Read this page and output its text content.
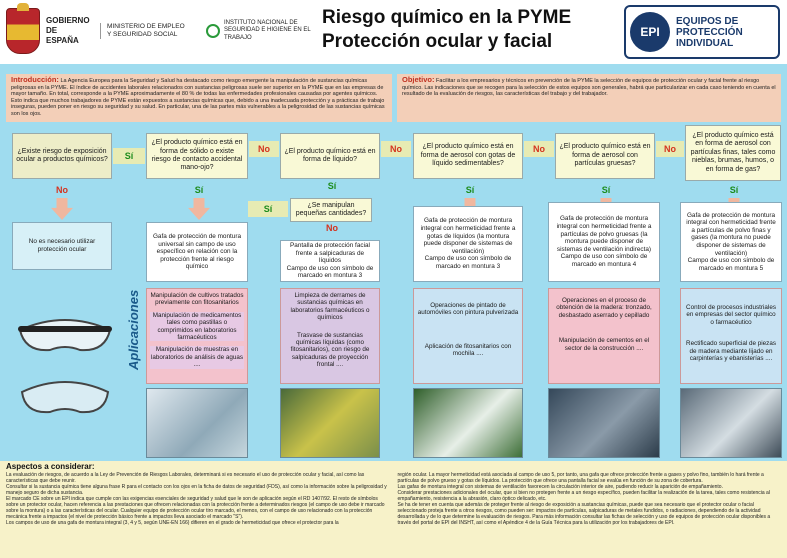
GOBIERNO DE ESPAÑA
MINISTERIO DE EMPLEO Y SEGURIDAD SOCIAL
INSTITUTO NACIONAL DE SEGURIDAD E HIGIENE EN EL TRABAJO
Riesgo químico en la PYME
Protección ocular y facial	EPI
EQUIPOS DE
PROTECCIÓN
INDIVIDUAL
Introducción: La Agencia Europea para la Seguridad y Salud ha destacado como riesgo emergente la manipulación de sustancias químicas peligrosas en la PYME. El índice de accidentes laborales relacionados con sustancias peligrosas suele ser superior en la PYME que en las empresas de mayor tamaño. En total, corresponde a la PYME aproximadamente el 80 % de todas las enfermedades profesionales causadas por agentes químicos. Esto indica que muchos trabajadores de PYME están expuestos a sustancias químicas que, debido a una inadecuada protección y a prácticas de trabajo inseguras, pueden poner en riesgo su seguridad y su salud. En particular, una de las partes más vulnerables a la peligrosidad de las sustancias químicas son los ojos.
Objetivo: Facilitar a los empresarios y técnicos en prevención de la PYME la selección de equipos de protección ocular y facial frente al riesgo químico. Las indicaciones que se recogen para la selección de estos equipos son generales, habrá que particularizar en cada caso teniendo en cuenta el resultado de la evaluación de riesgos, las características del trabajo y del trabajador.
¿Existe riesgo de exposición ocular a productos químicos?	Sí
¿El producto químico está en forma de sólido o existe riesgo de contacto accidental mano-ojo?
No	¿El producto químico está en forma de líquido?
No	¿El producto químico está en forma de aerosol con gotas de líquido sedimentables?
No	¿El producto químico está en forma de aerosol con partículas gruesas?
No
¿El producto químico está en forma de aerosol con partículas finas, tales como nieblas, brumas, humos, o en forma de gas?
No	Sí	Sí
¿Se manipulan pequeñas cantidades?
Sí
No
Sí	Sí	Sí
No es necesario utilizar protección ocular
Gafa de protección de montura universal sin campo de uso específico en relación con la protección frente al riesgo químico
Pantalla de protección facial frente a salpicaduras de líquidos
Campo de uso con símbolo de marcado en montura 3
Gafa de protección de montura integral con hermeticidad frente a gotas de líquidos (la montura puede disponer de sistemas de ventilación)
Campo de uso con símbolo de marcado en montura 3
Gafa de protección de montura integral con hermeticidad frente a partículas de polvo gruesas (la montura puede disponer de sistemas de ventilación indirecta)
Campo de uso con símbolo de marcado en montura 4
Gafa de protección de montura integral con hermeticidad frente a partículas de polvo finas y gases (la montura no puede disponer de sistemas de ventilación)
Campo de uso con símbolo de marcado en montura 5
Aplicaciones Manipulación de cultivos tratados previamente con fitosanitarios
Manipulación de medicamentos tales como pastillas o comprimidos en laboratorios farmacéuticos
Manipulación de muestras en laboratorios de análisis de aguas ....
Limpieza de derrames de sustancias químicas en laboratorios farmacéuticos o químicos
Trasvase de sustancias químicas líquidas (como fitosanitarios), con riesgo de salpicaduras de proyección frontal ....
Operaciones de pintado de automóviles con pintura pulverizada
Aplicación de fitosanitarios con mochila ....
Operaciones en el proceso de obtención de la madera: tronzado, desbastado aserrado y cepillado
Manipulación de cementos en el sector de la construcción ....
Control de procesos industriales en empresas del sector químico o farmacéutico
Rectificado superficial de piezas de madera mediante lijado en carpinterías y ebanisterías ....
Aspectos a considerar:
La evaluación de riesgos, de acuerdo a la Ley de Prevención de Riesgos Laborales, determinará si es necesario el uso de protección ocular y facial, así como las características que debe reunir.
Consultar si la sustancia química tiene alguna frase R para el contacto con los ojos en la ficha de datos de seguridad (FDS), así como la información sobre la peligrosidad y manejo seguro de dicha sustancia.
El marcado CE sobre un EPI indica que cumple con las exigencias esenciales de seguridad y salud que le son de aplicación según el RD 1407/92. El resto de símbolos sobre un protector ocular, hacen referencia a las prestaciones que ofrecen relacionadas con la protección frente a determinados riesgos (el campo de uso debe ir marcado sobre la montura) o a las características del ocular. Cualquier equipo de protección ocular tiro marcado, el menos, con el campo de uso relacionado con la protección mecánica frente a impactos (el nivel de protección básico frente a impactos lleva asociado el marcado "S").
Los campos de uso de una gafa de montura integral (3, 4 y 5, según UNE-EN 166) difieren en el grado de hermeticidad que ofrece el protector para la
región ocular. La mayor hermeticidad está asociada al campo de uso 5, por tanto, una gafa que ofrece protección frente a gases y polvo fino, también lo hará frente a partículas de polvo grueso y gotas de líquidos. La protección que ofrece una pantalla facial se evalúa en función de su zona de cobertura.
Las gafas de montura integral con sistemas de ventilación favorecen la circulación interior de aire, pudiendo reducir la aparición de empañamiento.
Considerar prestaciones adicionales del ocular, que si bien no protegen frente a un riesgo específico, pueden facilitar la realización de la tarea, tales como resistencia al empañamiento, resistencia a la abrasión, claro óptico delicado, etc.
Se ha de tener en cuenta que además de proteger frente al riesgo de exposición a sustancias químicas, puede que sea necesario que el protector ocular o facial seleccionado proteja frente a otros riesgos, como pueden ser: impactos de partículas, salpicaduras de metales fundidos, o radiaciones, dependiendo de la actividad desarrollada y de lo que determine la evaluación de riesgos. Para más información consultar las fichas de selección y uso de equipos de protección ocular disponibles a través del portal de EPI del INSHT, así como el Apéndice 4 de la Guía Técnica para la utilización por los trabajadores de EPI.
